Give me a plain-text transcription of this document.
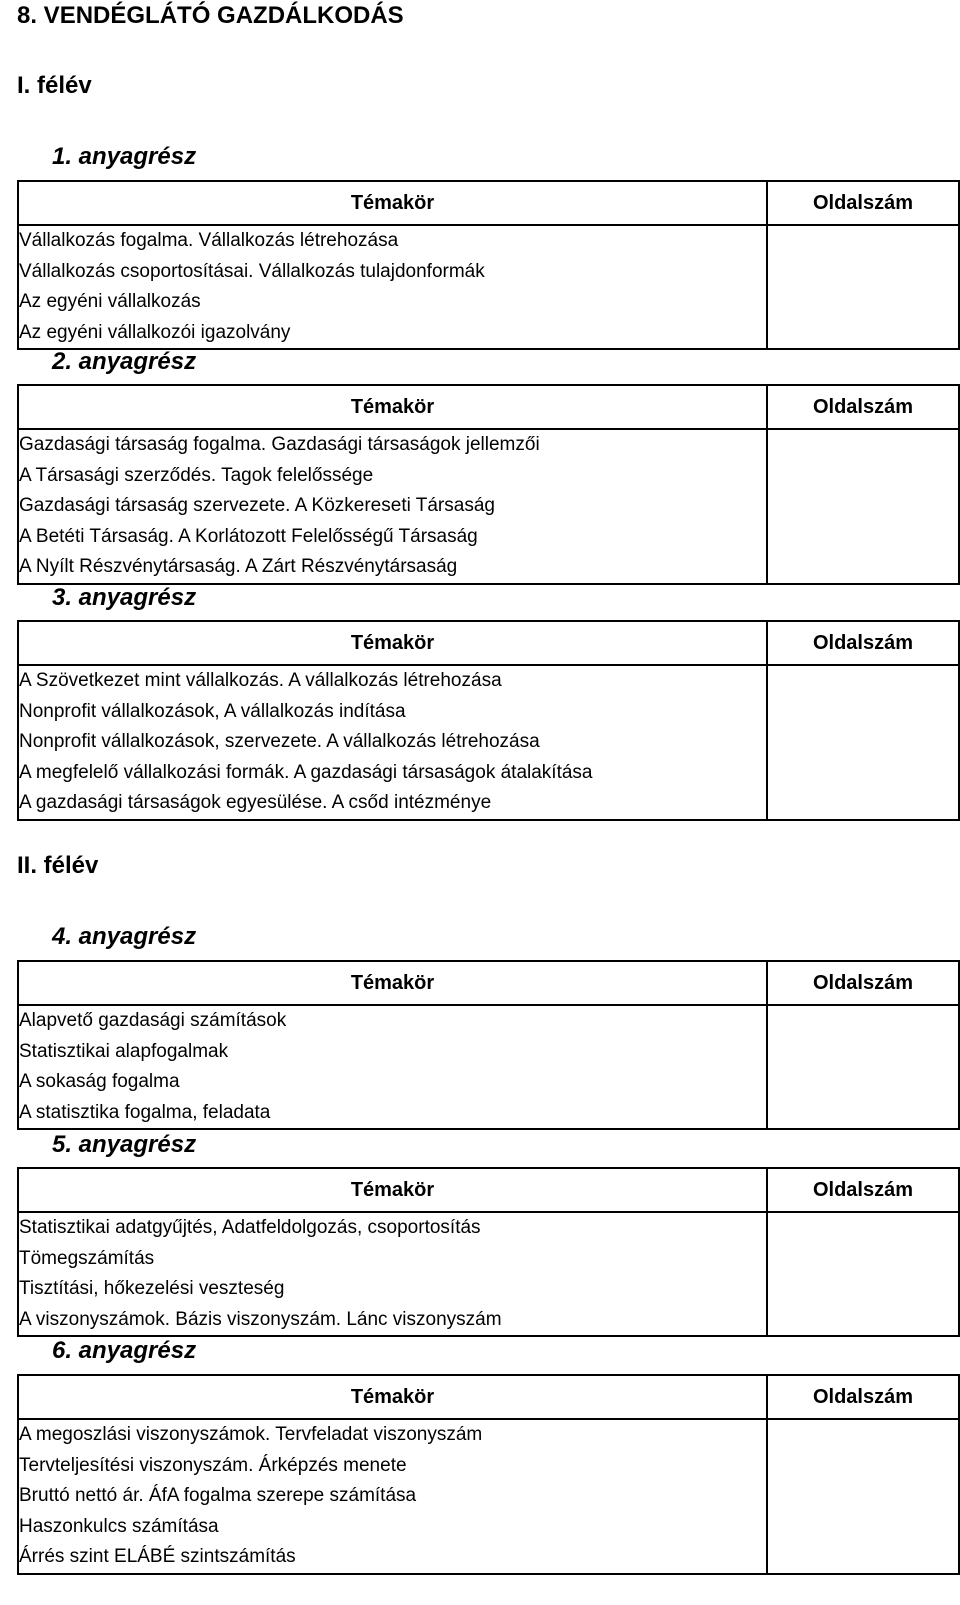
8. VENDÉGLÁTÓ GAZDÁLKODÁS
I. félév
1. anyagrész
Témakör	Oldalszám

Vállalkozás fogalma. Vállalkozás létrehozása
Vállalkozás csoportosításai. Vállalkozás tulajdonformák
Az egyéni vállalkozás
Az egyéni vállalkozói igazolvány	

2. anyagrész
Témakör	Oldalszám

Gazdasági társaság fogalma. Gazdasági társaságok jellemzői
A Társasági szerződés. Tagok felelőssége
Gazdasági társaság szervezete. A Közkereseti Társaság
A Betéti Társaság. A Korlátozott Felelősségű Társaság
A Nyílt Részvénytársaság. A Zárt Részvénytársaság	

3. anyagrész
Témakör	Oldalszám

A Szövetkezet mint vállalkozás. A vállalkozás létrehozása
Nonprofit vállalkozások, A vállalkozás indítása
Nonprofit vállalkozások, szervezete. A vállalkozás létrehozása
A megfelelő vállalkozási formák. A gazdasági társaságok átalakítása
A gazdasági társaságok egyesülése. A csőd intézménye	

II. félév
4. anyagrész
Témakör	Oldalszám

Alapvető gazdasági számítások
Statisztikai alapfogalmak
A sokaság fogalma
A statisztika fogalma, feladata	

5. anyagrész
Témakör	Oldalszám

Statisztikai adatgyűjtés, Adatfeldolgozás, csoportosítás
Tömegszámítás
Tisztítási, hőkezelési veszteség
A viszonyszámok. Bázis viszonyszám. Lánc viszonyszám	

6. anyagrész
Témakör	Oldalszám

A megoszlási viszonyszámok. Tervfeladat viszonyszám
Tervteljesítési viszonyszám. Árképzés menete
Bruttó nettó ár. ÁfA fogalma szerepe számítása
Haszonkulcs számítása
Árrés szint ELÁBÉ szintszámítás	
